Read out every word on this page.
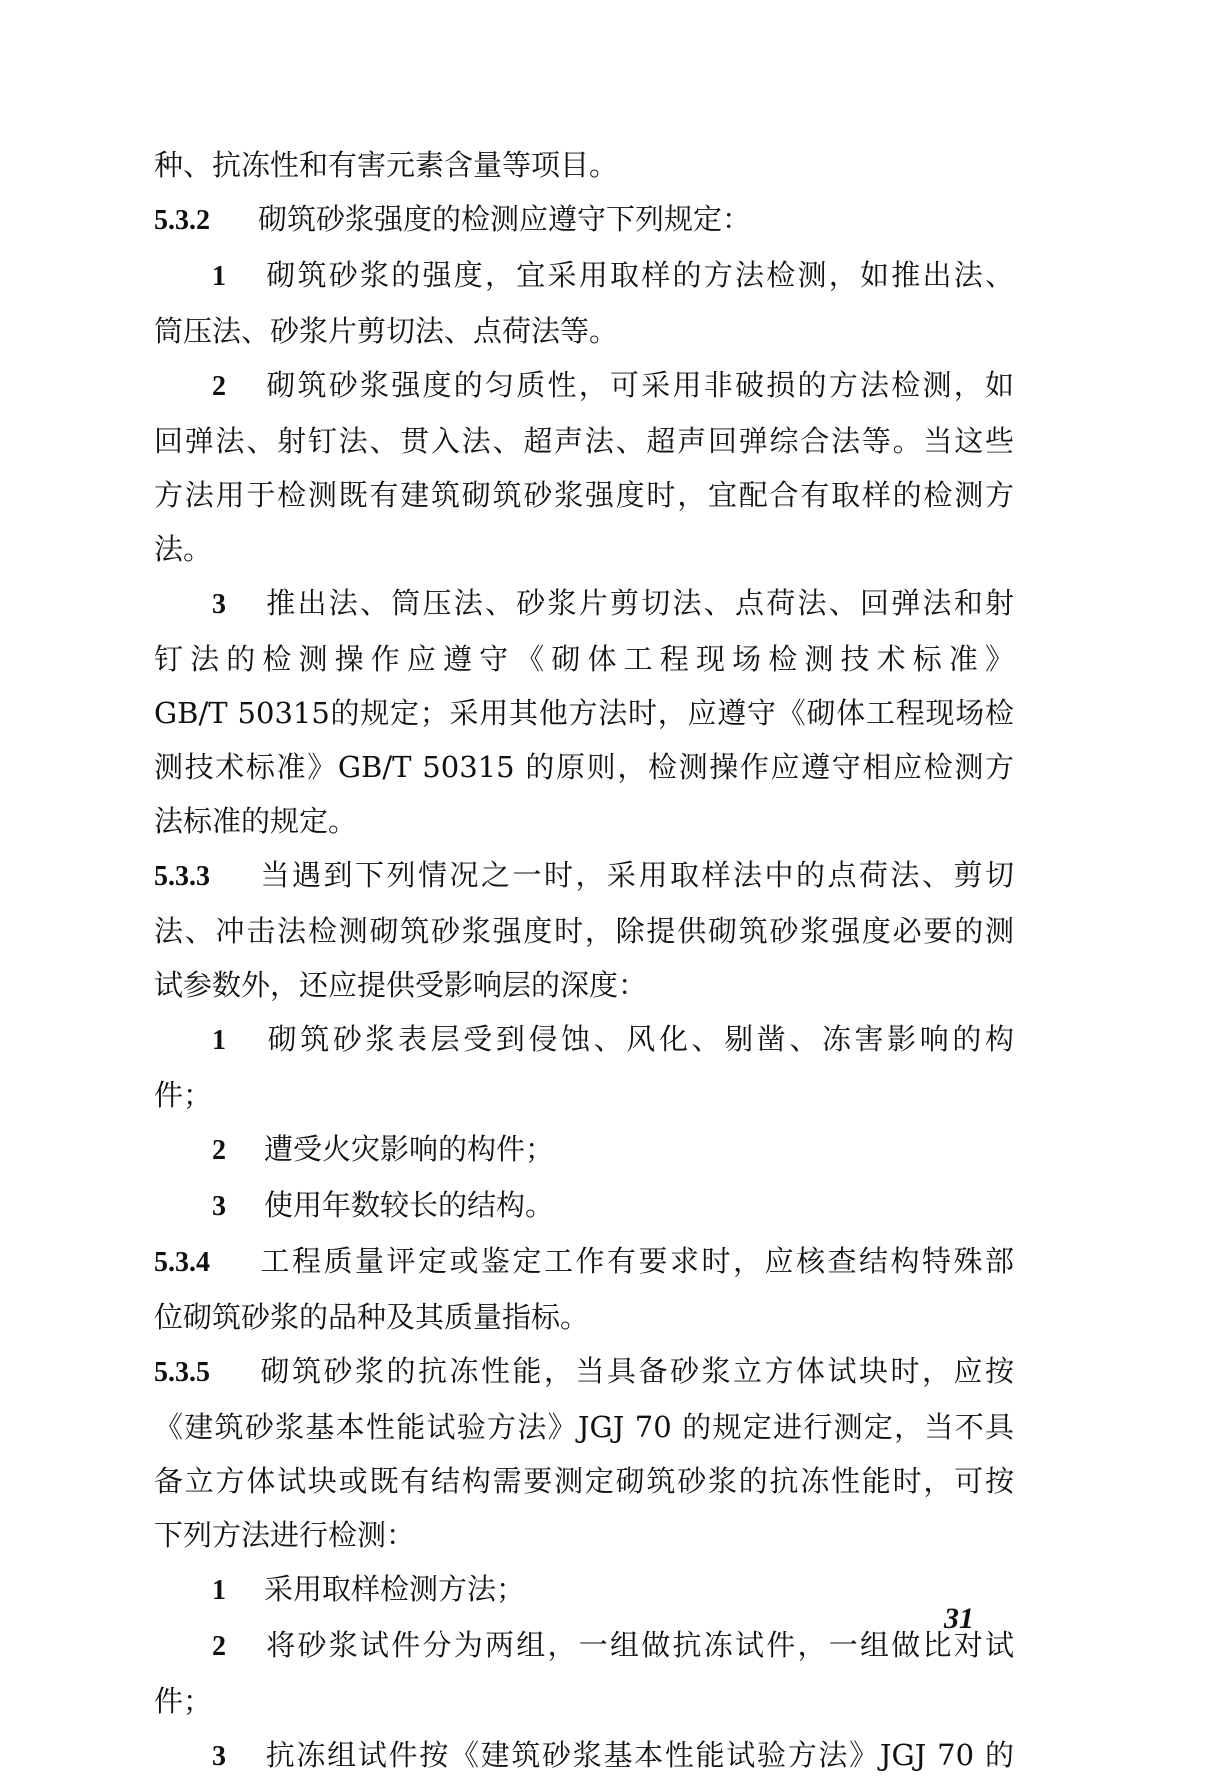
种、抗冻性和有害元素含量等项目。
5.3.2 砌筑砂浆强度的检测应遵守下列规定：
1 砌筑砂浆的强度，宜采用取样的方法检测，如推出法、
筒压法、砂浆片剪切法、点荷法等。
2 砌筑砂浆强度的匀质性，可采用非破损的方法检测，如
回弹法、射钉法、贯入法、超声法、超声回弹综合法等。当这些
方法用于检测既有建筑砌筑砂浆强度时，宜配合有取样的检测方
法。
3 推出法、筒压法、砂浆片剪切法、点荷法、回弹法和射
钉法的检测操作应遵守《砌体工程现场检测技术标准》
GB/T 50315的规定；采用其他方法时，应遵守《砌体工程现场检
测技术标准》GB/T 50315 的原则，检测操作应遵守相应检测方
法标准的规定。
5.3.3 当遇到下列情况之一时，采用取样法中的点荷法、剪切
法、冲击法检测砌筑砂浆强度时，除提供砌筑砂浆强度必要的测
试参数外，还应提供受影响层的深度：
1 砌筑砂浆表层受到侵蚀、风化、剔凿、冻害影响的构
件；
2 遭受火灾影响的构件；
3 使用年数较长的结构。
5.3.4 工程质量评定或鉴定工作有要求时，应核查结构特殊部
位砌筑砂浆的品种及其质量指标。
5.3.5 砌筑砂浆的抗冻性能，当具备砂浆立方体试块时，应按
《建筑砂浆基本性能试验方法》JGJ 70 的规定进行测定，当不具
备立方体试块或既有结构需要测定砌筑砂浆的抗冻性能时，可按
下列方法进行检测：
1 采用取样检测方法；
2 将砂浆试件分为两组，一组做抗冻试件，一组做比对试
件；
3 抗冻组试件按《建筑砂浆基本性能试验方法》JGJ 70 的
31
